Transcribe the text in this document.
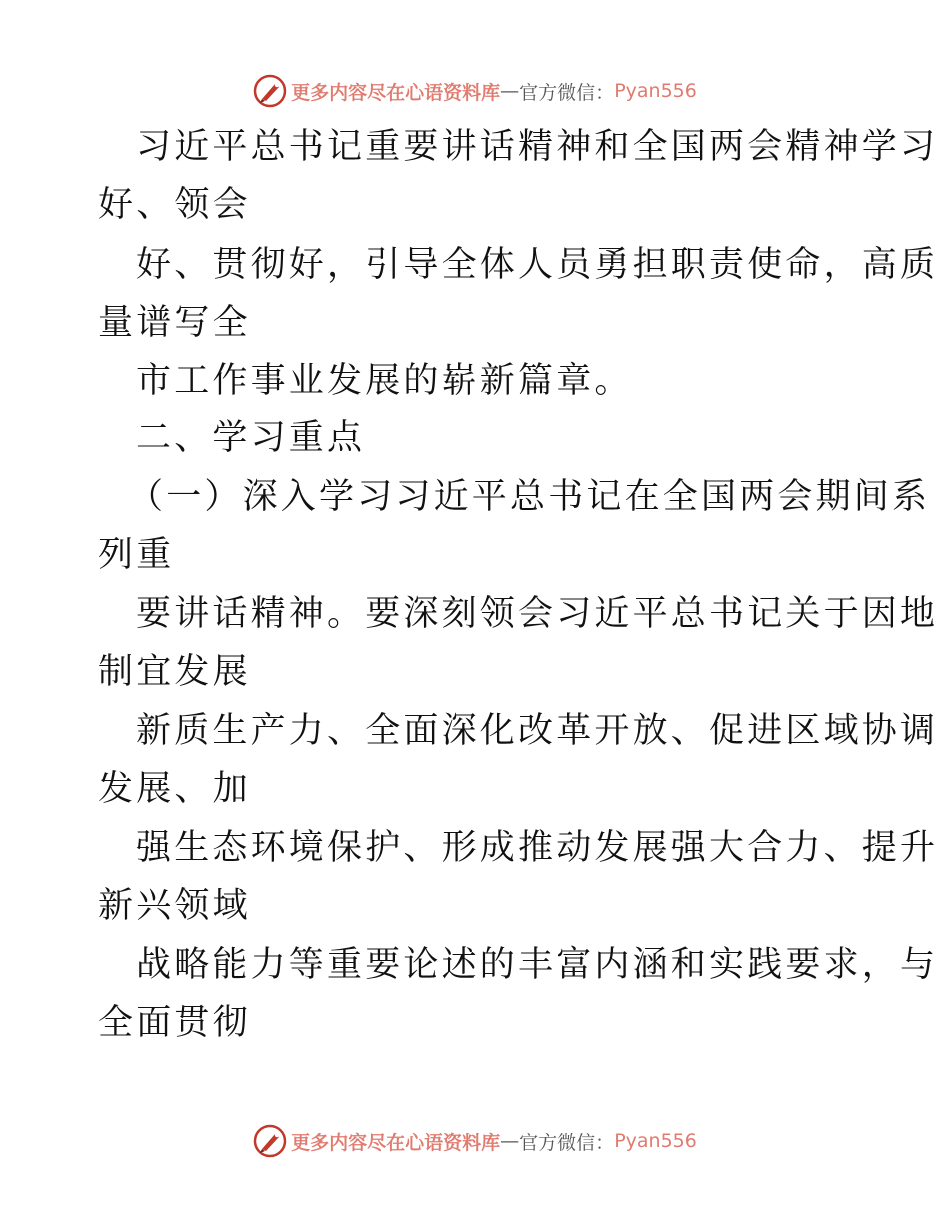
更多内容尽在心语资料库 — 官方微信： Pyan556
习近平总书记重要讲话精神和全国两会精神学习
好、领会
好、贯彻好，引导全体人员勇担职责使命，高质
量谱写全
市工作事业发展的崭新篇章。
二、学习重点
（一）深入学习习近平总书记在全国两会期间系
列重
要讲话精神。要深刻领会习近平总书记关于因地
制宜发展
新质生产力、全面深化改革开放、促进区域协调
发展、加
强生态环境保护、形成推动发展强大合力、提升
新兴领域
战略能力等重要论述的丰富内涵和实践要求，与
全面贯彻
更多内容尽在心语资料库 — 官方微信： Pyan556
